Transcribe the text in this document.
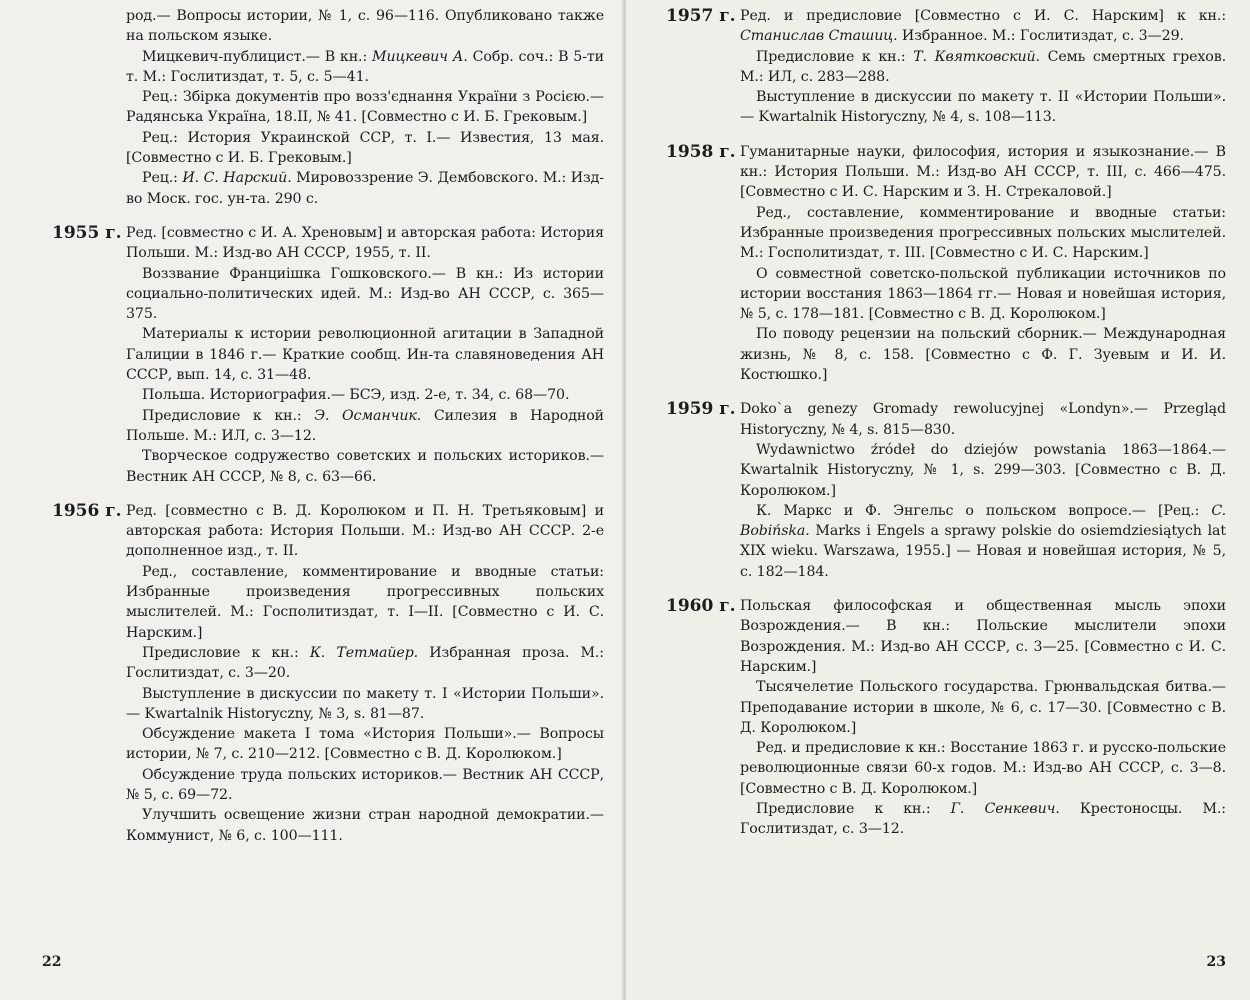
род.— Вопросы истории, № 1, с. 96—116. Опубликовано также на польском языке.

Мицкевич-публицист.— В кн.: Мицкевич А. Собр. соч.: В 5-ти т. М.: Гослитиздат, т. 5, с. 5—41.

Рец.: Збірка документів про возз'єднання України з Росією.— Радянська Україна, 18.II, № 41. [Совместно с И. Б. Грековым.]

Рец.: История Украинской ССР, т. I.— Известия, 13 мая. [Совместно с И. Б. Грековым.]

Рец.: И. С. Нарский. Мировоззрение Э. Дембовского. М.: Изд-во Моск. гос. ун-та. 290 с.

1955 г. Ред. [совместно с И. А. Хреновым] и авторская работа: История Польши. М.: Изд-во АН СССР, 1955, т. II.

Воззвание Франциішка Гошковского.— В кн.: Из истории социально-политических идей. М.: Изд-во АН СССР, с. 365—375.

Материалы к истории революционной агитации в Западной Галиции в 1846 г.— Краткие сообщ. Ин-та славяноведения АН СССР, вып. 14, с. 31—48.

Польша. Историография.— БСЭ, изд. 2-е, т. 34, с. 68—70.

Предисловие к кн.: Э. Османчик. Силезия в Народной Польше. М.: ИЛ, с. 3—12.

Творческое содружество советских и польских историков.— Вестник АН СССР, № 8, с. 63—66.

1956 г. Ред. [совместно с В. Д. Королюком и П. Н. Третьяковым] и авторская работа: История Польши. М.: Изд-во АН СССР. 2-е дополненное изд., т. II.

Ред., составление, комментирование и вводные статьи: Избранные произведения прогрессивных польских мыслителей. М.: Госполитиздат, т. I—II. [Совместно с И. С. Нарским.]

Предисловие к кн.: К. Тетмайер. Избранная проза. М.: Гослитиздат, с. 3—20.

Выступление в дискуссии по макету т. I «Истории Польши».— Kwartalnik Historyczny, № 3, s. 81—87.

Обсуждение макета I тома «История Польши».— Вопросы истории, № 7, с. 210—212. [Совместно с В. Д. Королюком.]

Обсуждение труда польских историков.— Вестник АН СССР, № 5, с. 69—72.

Улучшить освещение жизни стран народной демократии.— Коммунист, № 6, с. 100—111.

22
1957 г. Ред. и предисловие [Совместно с И. С. Нарским] к кн.: Станислав Сташиц. Избранное. М.: Гослитиздат, с. 3—29.

Предисловие к кн.: Т. Квятковский. Семь смертных грехов. М.: ИЛ, с. 283—288.

Выступление в дискуссии по макету т. II «Истории Польши».— Kwartalnik Historyczny, № 4, s. 108—113.

1958 г. Гуманитарные науки, философия, история и языкознание.— В кн.: История Польши. М.: Изд-во АН СССР, т. III, с. 466—475. [Совместно с И. С. Нарским и З. Н. Стрекаловой.]

Ред., составление, комментирование и вводные статьи: Избранные произведения прогрессивных польских мыслителей. М.: Госполитиздат, т. III. [Совместно с И. С. Нарским.]

О совместной советско-польской публикации источников по истории восстания 1863—1864 гг.— Новая и новейшая история, № 5, с. 178—181. [Совместно с В. Д. Королюком.]

По поводу рецензии на польский сборник.— Международная жизнь, № 8, с. 158. [Совместно с Ф. Г. Зуевым и И. И. Костюшко.]

1959 г. Doko`a genezy Gromady rewolucyjnej «Londyn».— Przegląd Historyczny, № 4, s. 815—830.

Wydawnictwo źródeł do dziejów powstania 1863—1864.— Kwartalnik Historyczny, № 1, s. 299—303. [Совместно с В. Д. Королюком.]

К. Маркс и Ф. Энгельс о польском вопросе.— [Рец.: C. Bobińska. Marks i Engels a sprawy polskie do osiemdziesiątych lat XIX wieku. Warszawa, 1955.] — Новая и новейшая история, № 5, с. 182—184.

1960 г. Польская философская и общественная мысль эпохи Возрождения.— В кн.: Польские мыслители эпохи Возрождения. М.: Изд-во АН СССР, с. 3—25. [Совместно с И. С. Нарским.]

Тысячелетие Польского государства. Грюнвальдская битва.— Преподавание истории в школе, № 6, с. 17—30. [Совместно с В. Д. Королюком.]

Ред. и предисловие к кн.: Восстание 1863 г. и русско-польские революционные связи 60-х годов. М.: Изд-во АН СССР, с. 3—8. [Совместно с В. Д. Королюком.]

Предисловие к кн.: Г. Сенкевич. Крестоносцы. М.: Гослитиздат, с. 3—12.

23
